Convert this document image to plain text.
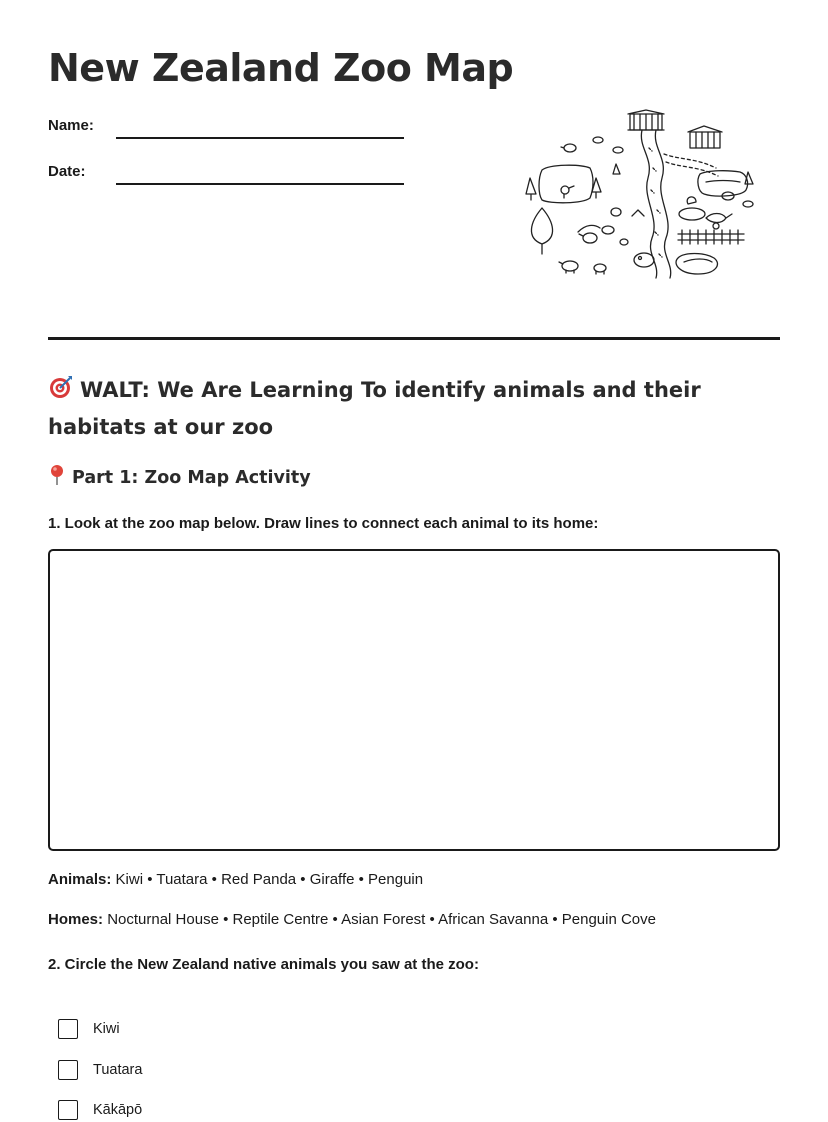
New Zealand Zoo Map
Name:
Date:
WALT: We Are Learning To identify animals and their habitats at our zoo
Part 1: Zoo Map Activity

1. Look at the zoo map below. Draw lines to connect each animal to its home:

Animals: Kiwi • Tuatara • Red Panda • Giraffe • Penguin
Homes: Nocturnal House • Reptile Centre • Asian Forest • African Savanna • Penguin Cove

2. Circle the New Zealand native animals you saw at the zoo:

Kiwi
Tuatara
Kākāpō
